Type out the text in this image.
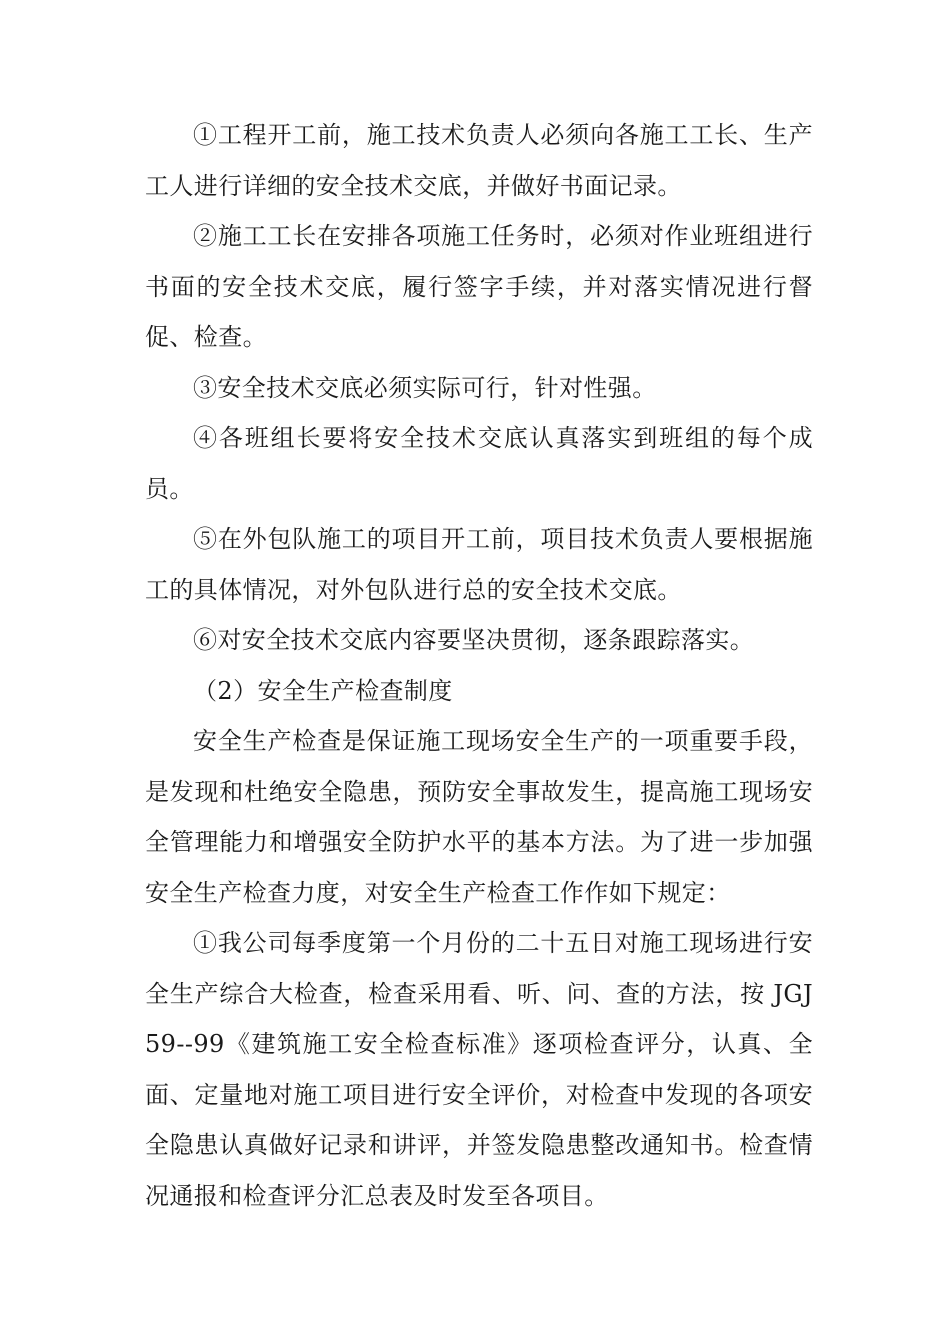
①工程开工前，施工技术负责人必须向各施工工长、生产工人进行详细的安全技术交底，并做好书面记录。

②施工工长在安排各项施工任务时，必须对作业班组进行书面的安全技术交底，履行签字手续，并对落实情况进行督促、检查。

③安全技术交底必须实际可行，针对性强。

④各班组长要将安全技术交底认真落实到班组的每个成员。

⑤在外包队施工的项目开工前，项目技术负责人要根据施工的具体情况，对外包队进行总的安全技术交底。

⑥对安全技术交底内容要坚决贯彻，逐条跟踪落实。

（2）安全生产检查制度

安全生产检查是保证施工现场安全生产的一项重要手段，是发现和杜绝安全隐患，预防安全事故发生，提高施工现场安全管理能力和增强安全防护水平的基本方法。为了进一步加强安全生产检查力度，对安全生产检查工作作如下规定：

①我公司每季度第一个月份的二十五日对施工现场进行安全生产综合大检查，检查采用看、听、问、查的方法，按 JGJ59--99《建筑施工安全检查标准》逐项检查评分，认真、全面、定量地对施工项目进行安全评价，对检查中发现的各项安全隐患认真做好记录和讲评，并签发隐患整改通知书。检查情况通报和检查评分汇总表及时发至各项目。
